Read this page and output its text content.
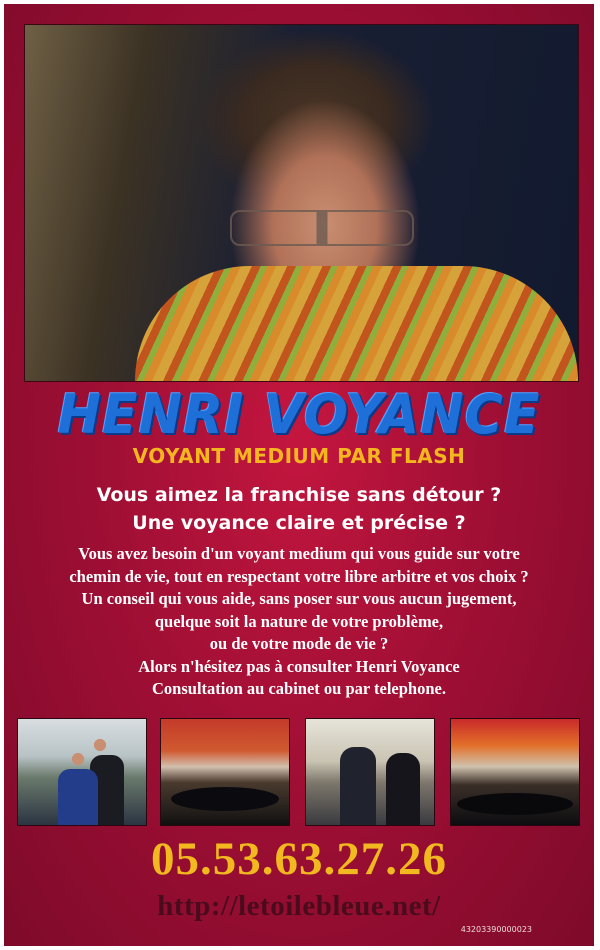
HENRI VOYANCE
VOYANT MEDIUM PAR FLASH
Vous aimez la franchise sans détour ?
Une voyance claire et précise ?
Vous avez besoin d'un voyant medium qui vous guide sur votre
chemin de vie, tout en respectant votre libre arbitre et vos choix ?
Un conseil qui vous aide, sans poser sur vous aucun jugement,
quelque soit la nature de votre problème,
ou de votre mode de vie ?
Alors n'hésitez pas à consulter Henri Voyance
Consultation au cabinet ou par telephone.
05.53.63.27.26
http://letoilebleue.net/
43203390000023
